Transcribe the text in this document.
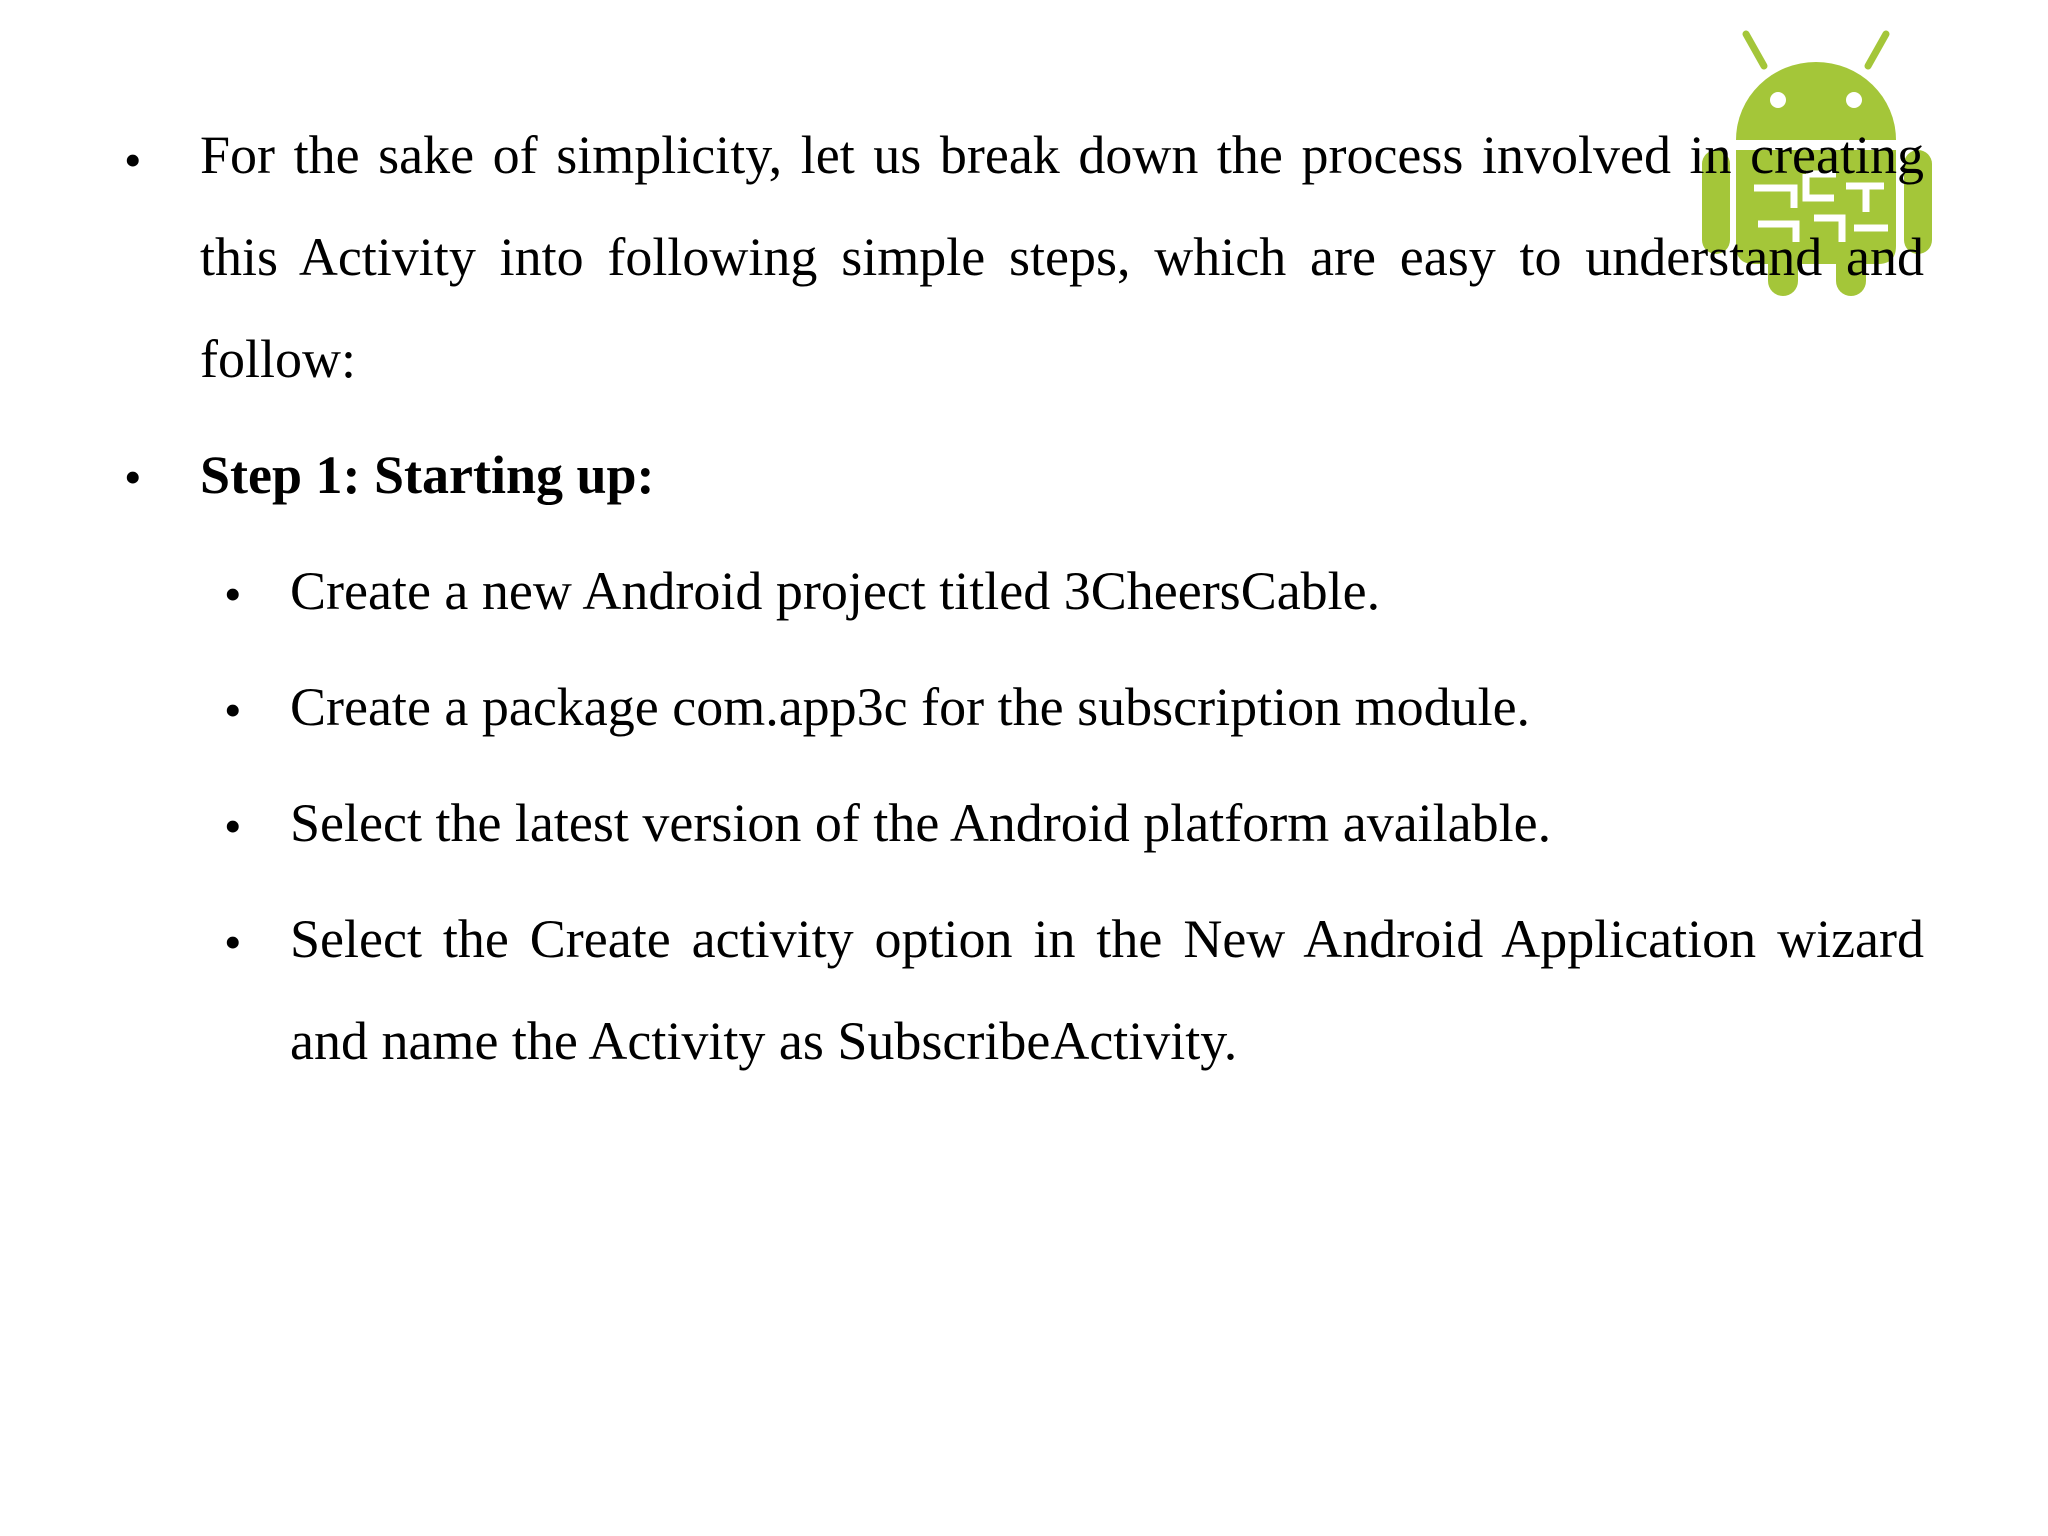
• For the sake of simplicity, let us break down the process involved in creating this Activity into following simple steps, which are easy to understand and follow:

• Step 1: Starting up:

• Create a new Android project titled 3CheersCable.

• Create a package com.app3c for the subscription module.

• Select the latest version of the Android platform available.

• Select the Create activity option in the New Android Application wizard and name the Activity as SubscribeActivity.
